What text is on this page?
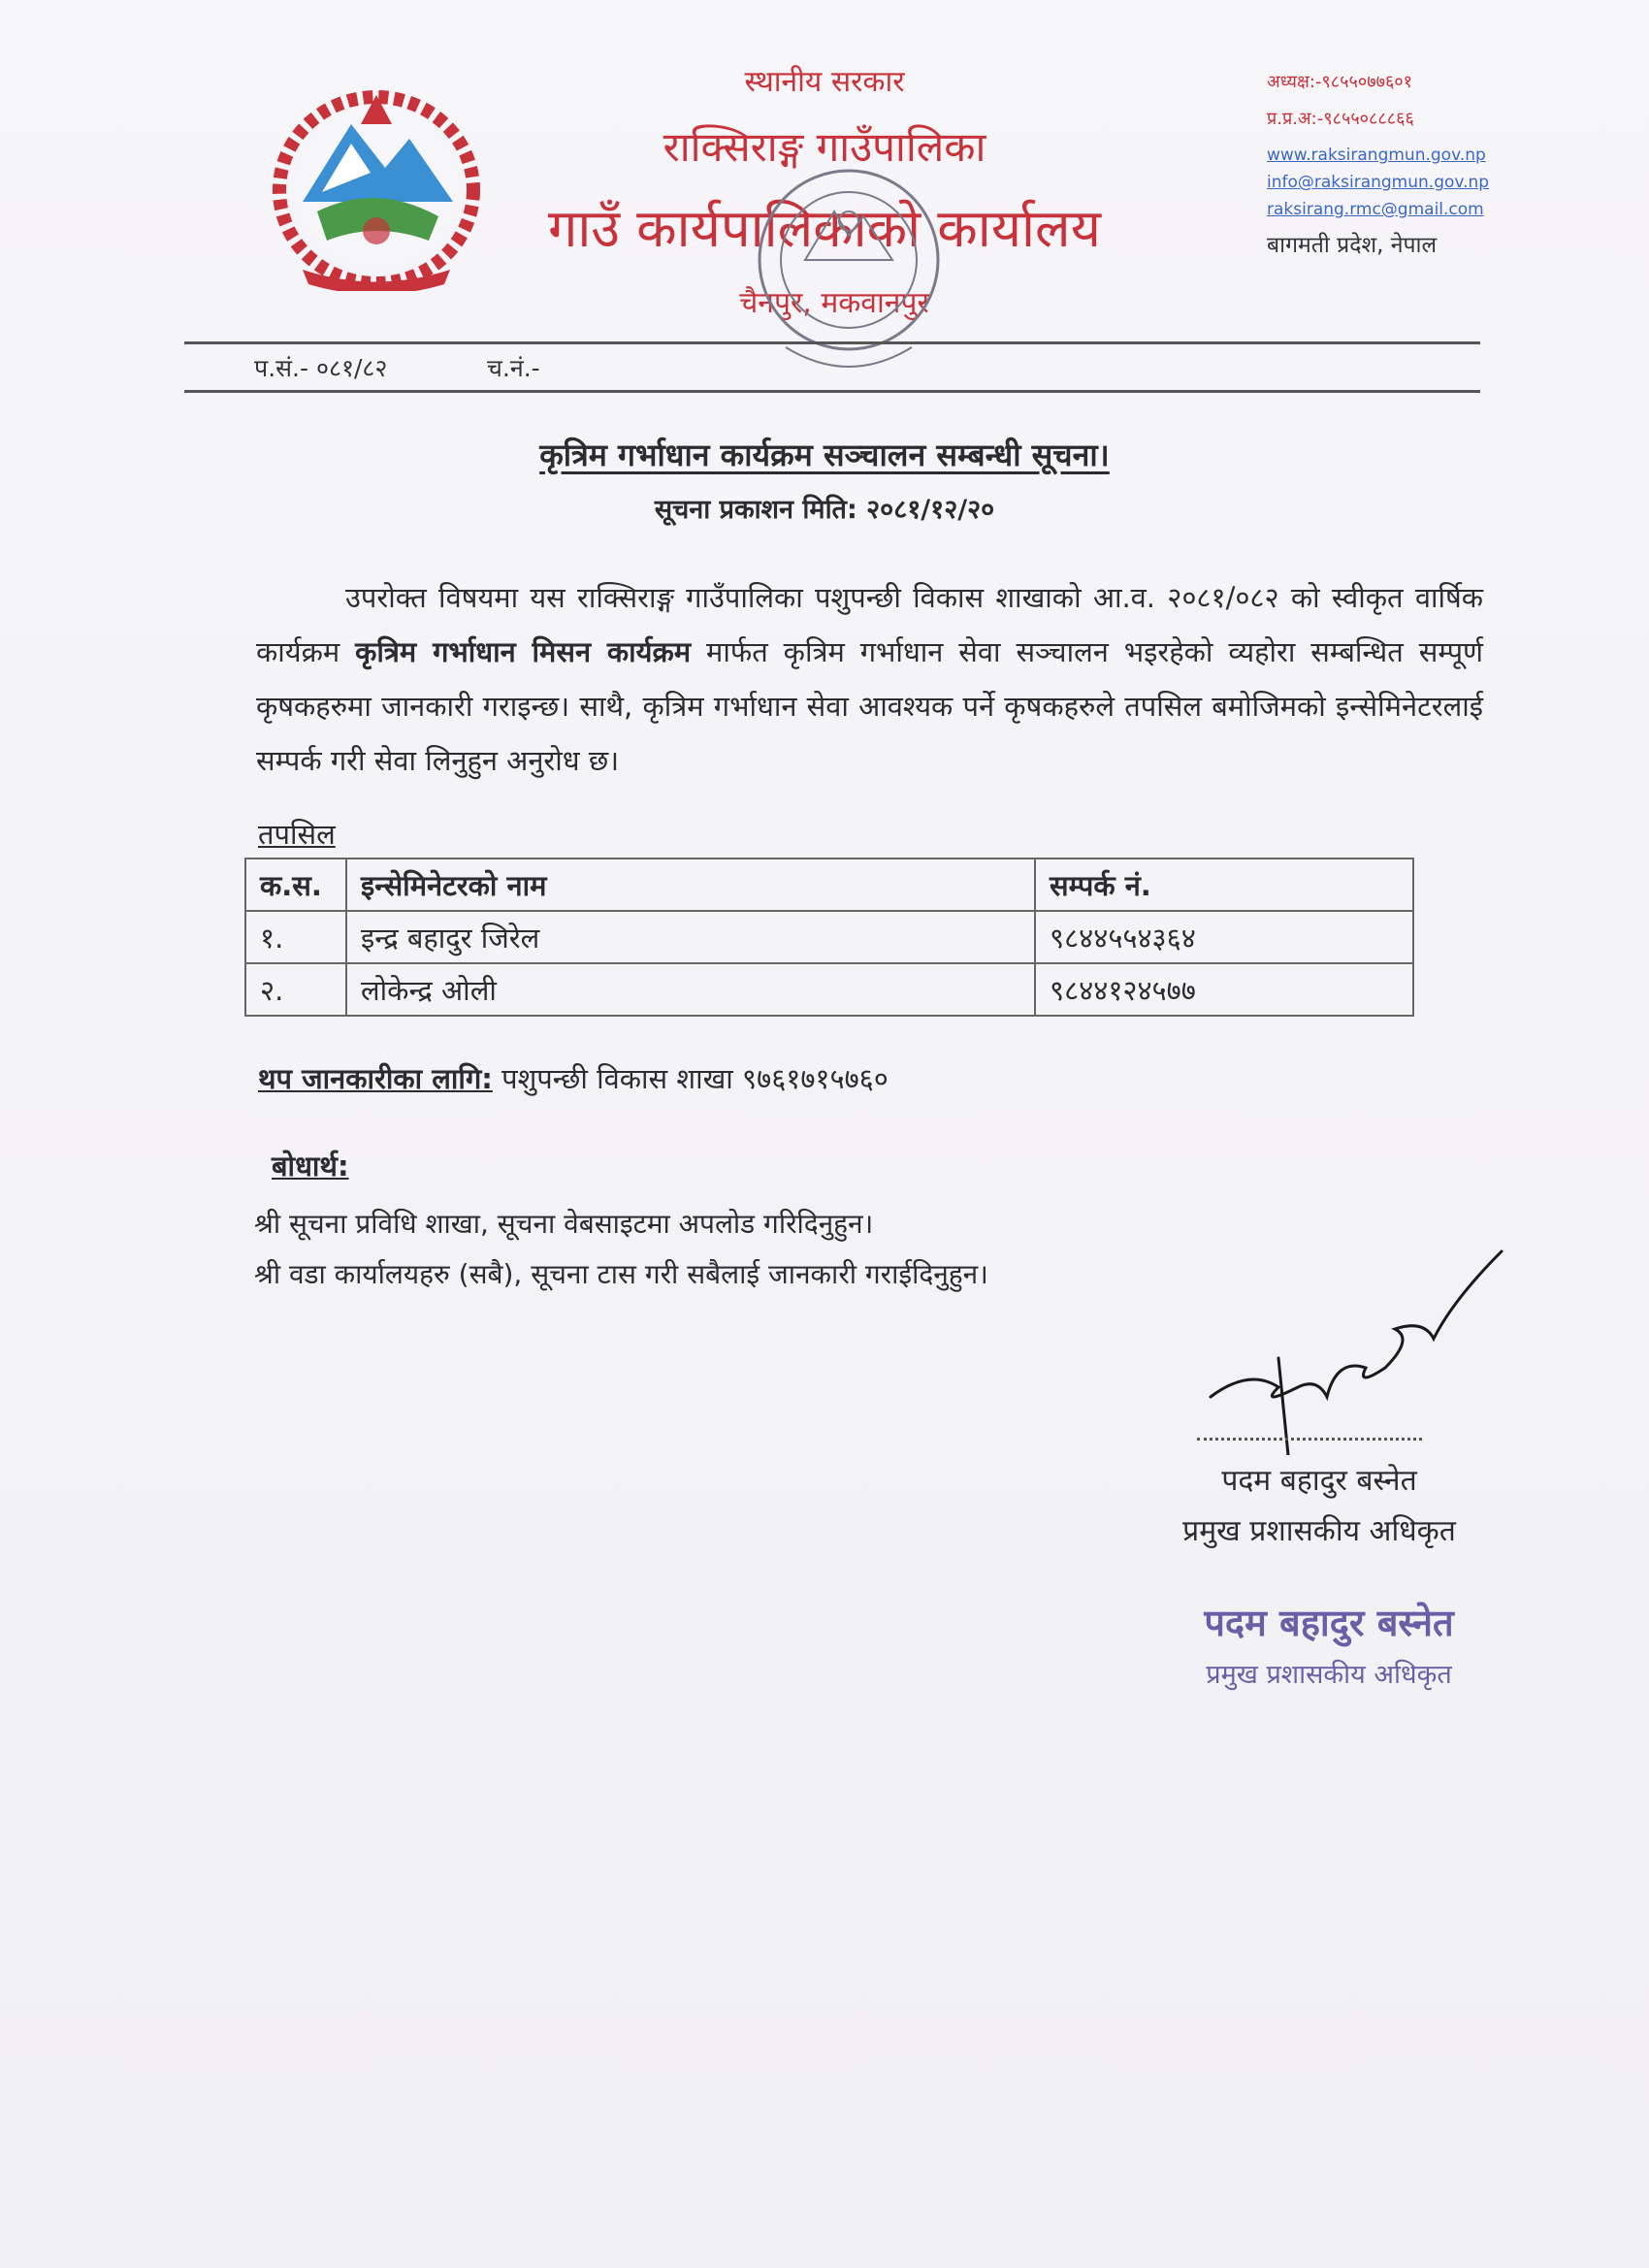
स्थानीय सरकार
राक्सिराङ्ग गाउँपालिका
गाउँ कार्यपालिकाको कार्यालय
चैनपुर, मकवानपुर
अध्यक्ष:-९८५५०७७६०१
प्र.प्र.अ:-९८५५०८८८६६
www.raksirangmun.gov.np
info@raksirangmun.gov.np
raksirang.rmc@gmail.com
बागमती प्रदेश, नेपाल
प.सं.- ०८१/८२	च.नं.-
कृत्रिम गर्भाधान कार्यक्रम सञ्चालन सम्बन्धी सूचना।
सूचना प्रकाशन मिति: २०८१/१२/२०
उपरोक्त विषयमा यस राक्सिराङ्ग गाउँपालिका पशुपन्छी विकास शाखाको आ.व. २०८१/०८२ को स्वीकृत वार्षिक कार्यक्रम कृत्रिम गर्भाधान मिसन कार्यक्रम मार्फत कृत्रिम गर्भाधान सेवा सञ्चालन भइरहेको व्यहोरा सम्बन्धित सम्पूर्ण कृषकहरुमा जानकारी गराइन्छ। साथै, कृत्रिम गर्भाधान सेवा आवश्यक पर्ने कृषकहरुले तपसिल बमोजिमको इन्सेमिनेटरलाई सम्पर्क गरी सेवा लिनुहुन अनुरोध छ।
तपसिल
क.स.	इन्सेमिनेटरको नाम	सम्पर्क नं.
१.	इन्द्र बहादुर जिरेल	९८४४५५४३६४
२.	लोकेन्द्र ओली	९८४४१२४५७७
थप जानकारीका लागि: पशुपन्छी विकास शाखा ९७६१७१५७६०
बोधार्थ:
श्री सूचना प्रविधि शाखा, सूचना वेबसाइटमा अपलोड गरिदिनुहुन।
श्री वडा कार्यालयहरु (सबै), सूचना टास गरी सबैलाई जानकारी गराईदिनुहुन।
पदम बहादुर बस्नेत
प्रमुख प्रशासकीय अधिकृत
पदम बहादुर बस्नेत
प्रमुख प्रशासकीय अधिकृत
